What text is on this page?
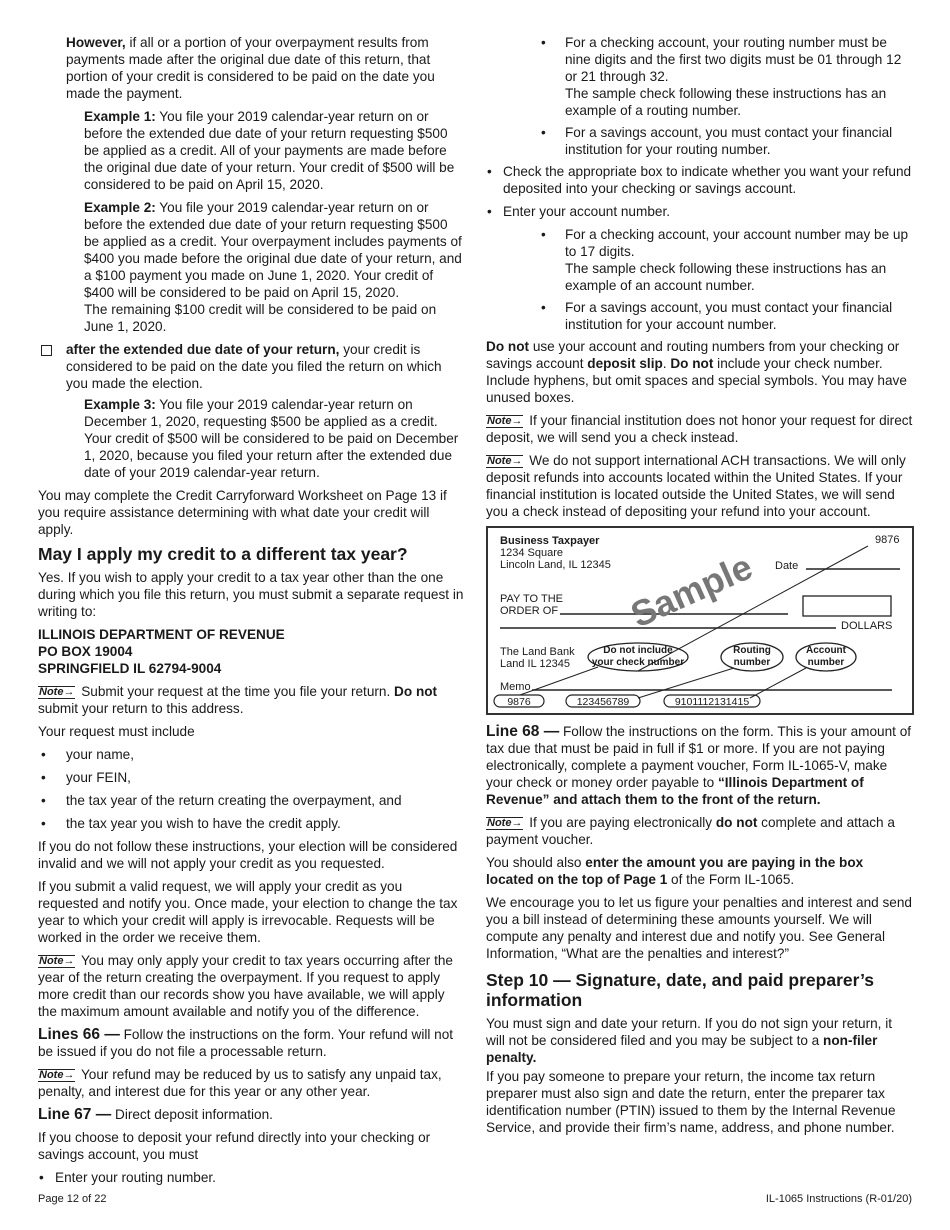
However, if all or a portion of your overpayment results from payments made after the original due date of this return, that portion of your credit is considered to be paid on the date you made the payment.

Example 1: You file your 2019 calendar-year return on or before the extended due date of your return requesting $500 be applied as a credit. All of your payments are made before the original due date of your return. Your credit of $500 will be considered to be paid on April 15, 2020.

Example 2: You file your 2019 calendar-year return on or before the extended due date of your return requesting $500 be applied as a credit. Your overpayment includes payments of $400 you made before the original due date of your return, and a $100 payment you made on June 1, 2020. Your credit of $400 will be considered to be paid on April 15, 2020.

The remaining $100 credit will be considered to be paid on June 1, 2020.

after the extended due date of your return, your credit is considered to be paid on the date you filed the return on which you made the election.

Example 3: You file your 2019 calendar-year return on December 1, 2020, requesting $500 be applied as a credit. Your credit of $500 will be considered to be paid on December 1, 2020, because you filed your return after the extended due date of your 2019 calendar-year return.

You may complete the Credit Carryforward Worksheet on Page 13 if you require assistance determining with what date your credit will apply.

May I apply my credit to a different tax year?

Yes. If you wish to apply your credit to a tax year other than the one during which you file this return, you must submit a separate request in writing to:

ILLINOIS DEPARTMENT OF REVENUE
PO BOX 19004
SPRINGFIELD IL 62794-9004

Note→ Submit your request at the time you file your return. Do not submit your return to this address.

Your request must include

• your name,
• your FEIN,
• the tax year of the return creating the overpayment, and
• the tax year you wish to have the credit apply.

If you do not follow these instructions, your election will be considered invalid and we will not apply your credit as you requested.

If you submit a valid request, we will apply your credit as you requested and notify you. Once made, your election to change the tax year to which your credit will apply is irrevocable. Requests will be worked in the order we receive them.

Note→ You may only apply your credit to tax years occurring after the year of the return creating the overpayment. If you request to apply more credit than our records show you have available, we will apply the maximum amount available and notify you of the difference.

Lines 66 — Follow the instructions on the form. Your refund will not be issued if you do not file a processable return.

Note→ Your refund may be reduced by us to satisfy any unpaid tax, penalty, and interest due for this year or any other year.

Line 67 — Direct deposit information.

If you choose to deposit your refund directly into your checking or savings account, you must

• Enter your routing number.
• For a checking account, your routing number must be nine digits and the first two digits must be 01 through 12 or 21 through 32.
The sample check following these instructions has an example of a routing number.
• For a savings account, you must contact your financial institution for your routing number.
• Check the appropriate box to indicate whether you want your refund deposited into your checking or savings account.
• Enter your account number.
• For a checking account, your account number may be up to 17 digits.
The sample check following these instructions has an example of an account number.
• For a savings account, you must contact your financial institution for your account number.

Do not use your account and routing numbers from your checking or savings account deposit slip. Do not include your check number. Include hyphens, but omit spaces and special symbols. You may have unused boxes.

Note→ If your financial institution does not honor your request for direct deposit, we will send you a check instead.

Note→ We do not support international ACH transactions. We will only deposit refunds into accounts located within the United States. If your financial institution is located outside the United States, we will send you a check instead of depositing your refund into your account.

Business Taxpayer
1234 Square
Lincoln Land, IL 12345
9876
Date
PAY TO THE
ORDER OF
DOLLARS
Sample
The Land Bank
Land IL 12345
Do not include
your check number
Routing
number
Account
number
Memo
9876	123456789	9101112131415

Line 68 — Follow the instructions on the form. This is your amount of tax due that must be paid in full if $1 or more. If you are not paying electronically, complete a payment voucher, Form IL-1065-V, make your check or money order payable to “Illinois Department of Revenue” and attach them to the front of the return.

Note→ If you are paying electronically do not complete and attach a payment voucher.

You should also enter the amount you are paying in the box located on the top of Page 1 of the Form IL-1065.

We encourage you to let us figure your penalties and interest and send you a bill instead of determining these amounts yourself. We will compute any penalty and interest due and notify you. See General Information, “What are the penalties and interest?”

Step 10 — Signature, date, and paid preparer’s information

You must sign and date your return. If you do not sign your return, it will not be considered filed and you may be subject to a non-filer penalty.

If you pay someone to prepare your return, the income tax return preparer must also sign and date the return, enter the preparer tax identification number (PTIN) issued to them by the Internal Revenue Service, and provide their firm’s name, address, and phone number.

Page 12 of 22	IL-1065 Instructions (R-01/20)
